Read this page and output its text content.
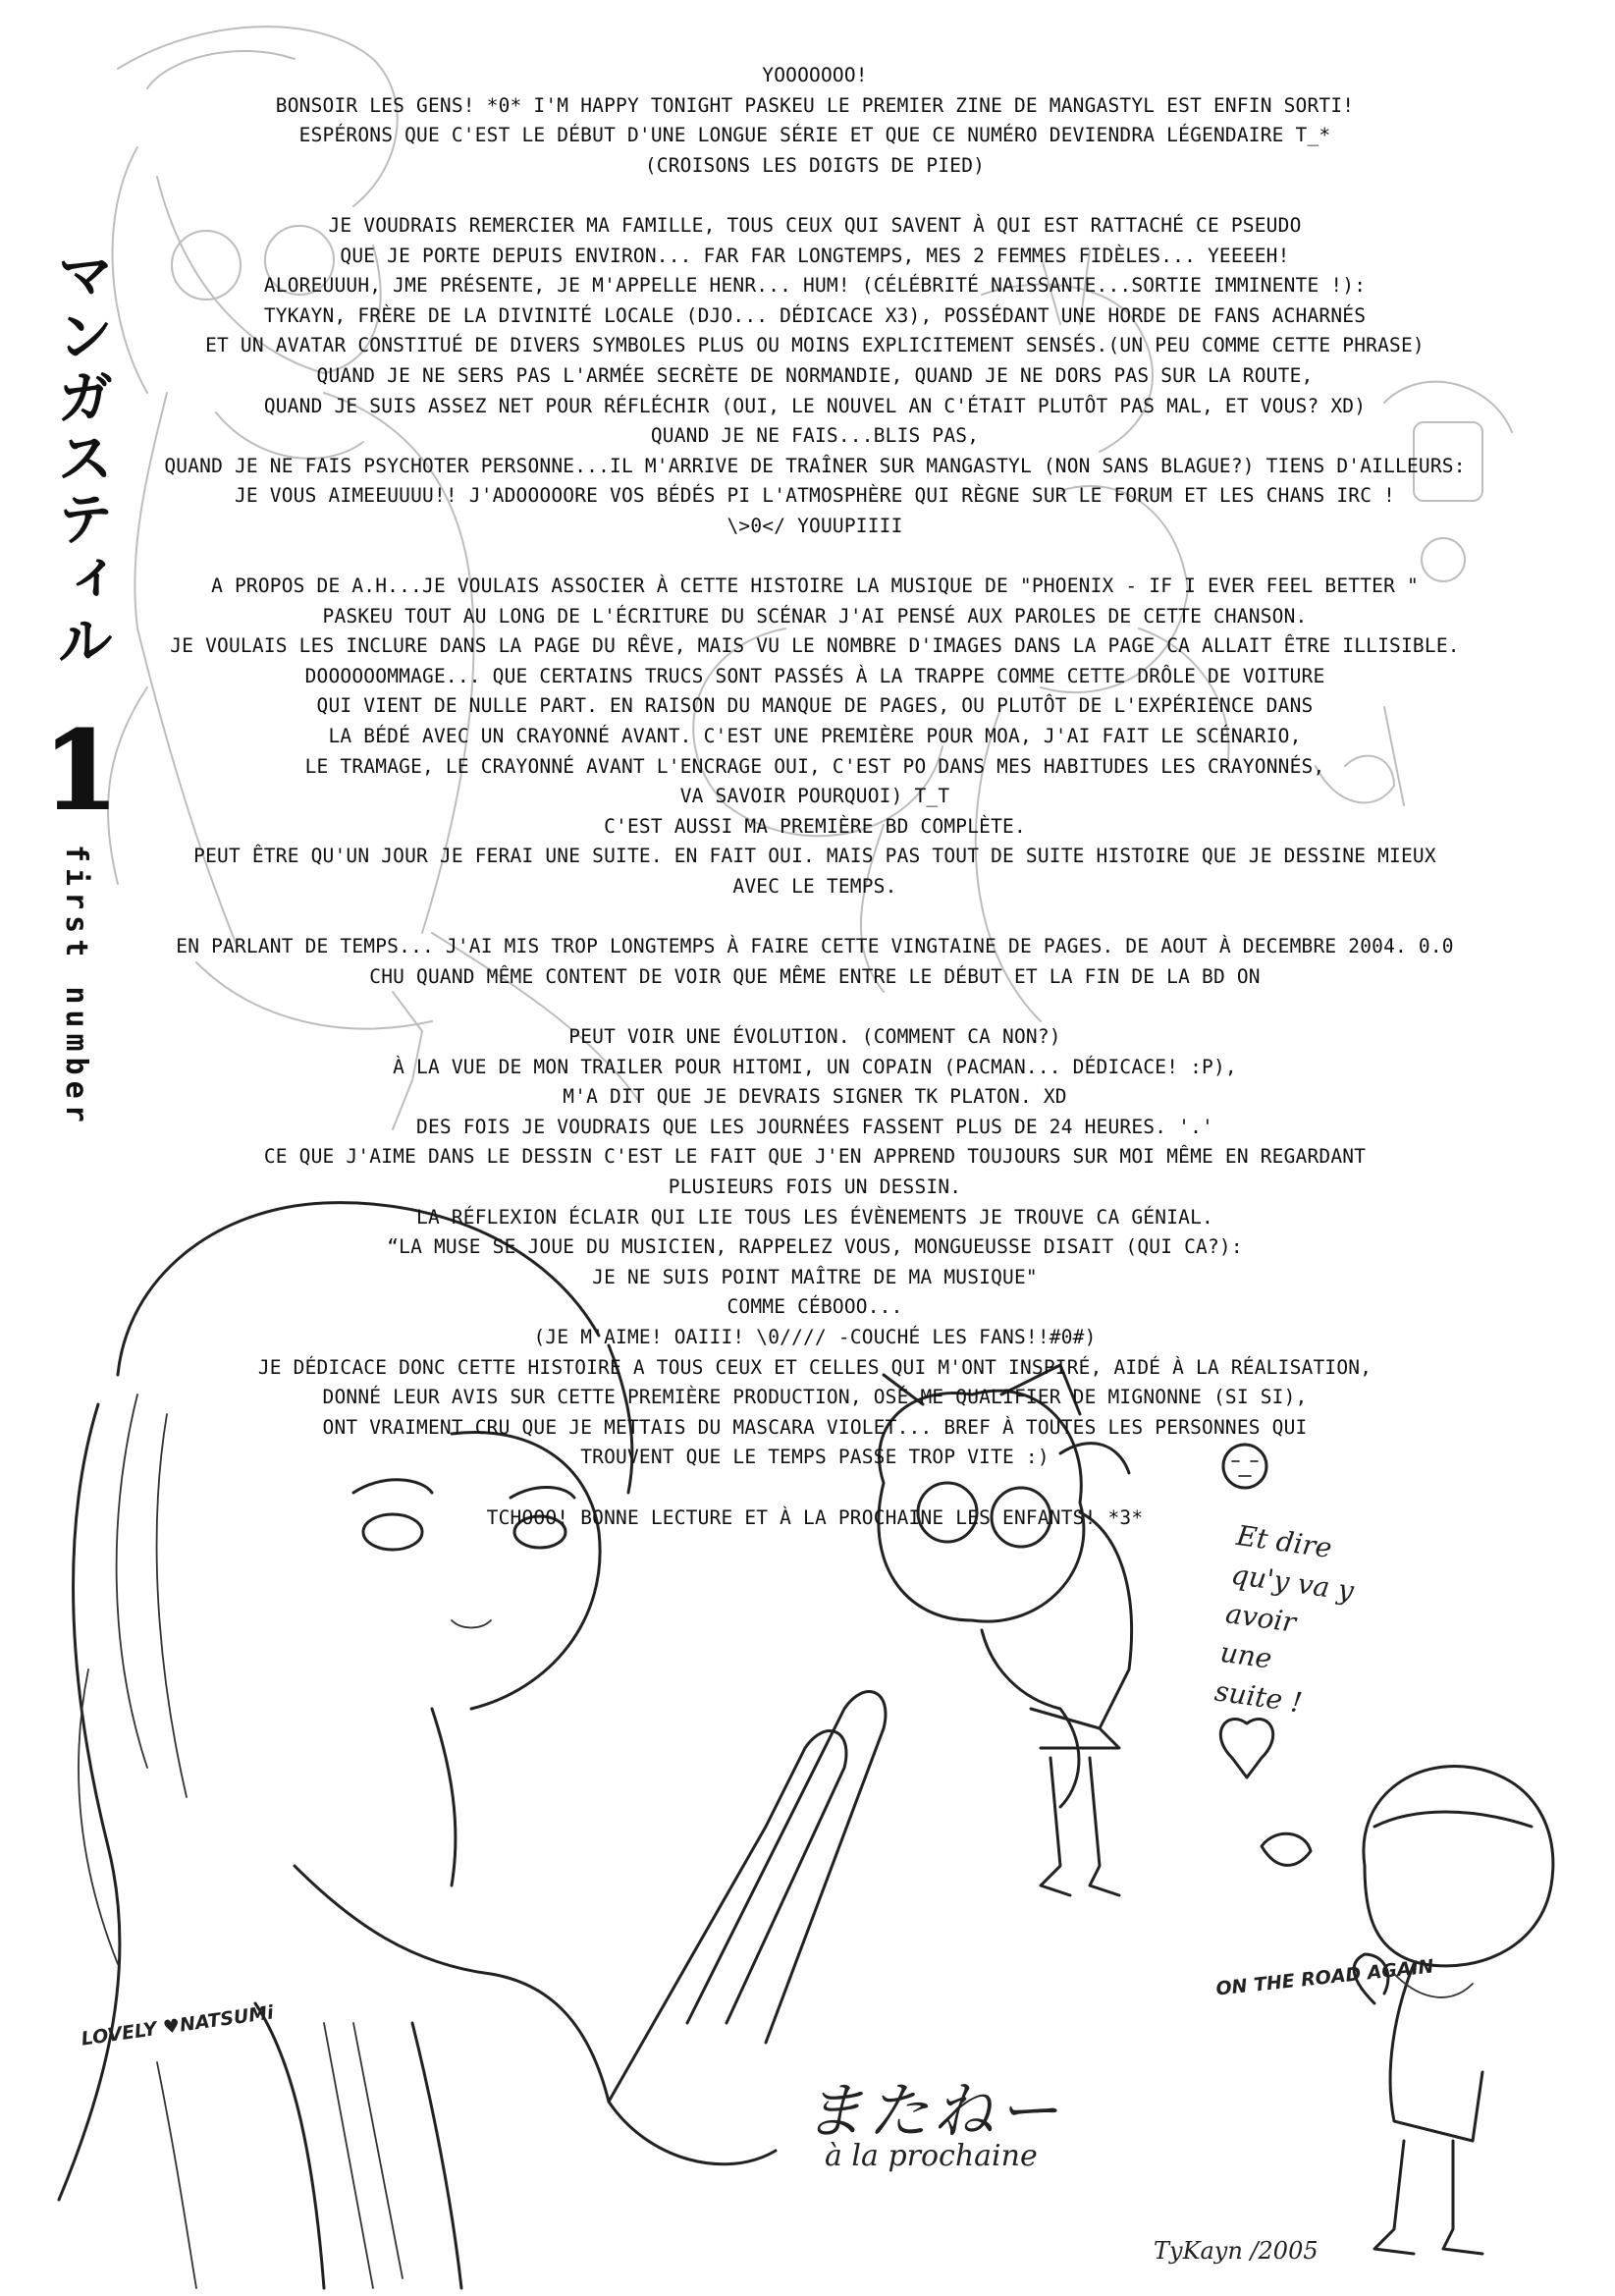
マンガスティル
1
first number

YOOOOOOO!

BONSOIR LES GENS! *0* I'M HAPPY TONIGHT PASKEU LE PREMIER ZINE DE MANGASTYL EST ENFIN SORTI!

ESPÉRONS QUE C'EST LE DÉBUT D'UNE LONGUE SÉRIE ET QUE CE NUMÉRO DEVIENDRA LÉGENDAIRE T_*

(CROISONS LES DOIGTS DE PIED)

JE VOUDRAIS REMERCIER MA FAMILLE, TOUS CEUX QUI SAVENT À QUI EST RATTACHÉ CE PSEUDO

QUE JE PORTE DEPUIS ENVIRON... FAR FAR LONGTEMPS, MES 2 FEMMES FIDÈLES... YEEEEH!

ALOREUUUH, JME PRÉSENTE, JE M'APPELLE HENR... HUM! (CÉLÉBRITÉ NAISSANTE...SORTIE IMMINENTE !):

TYKAYN, FRÈRE DE LA DIVINITÉ LOCALE (DJO... DÉDICACE X3), POSSÉDANT UNE HORDE DE FANS ACHARNÉS

ET UN AVATAR CONSTITUÉ DE DIVERS SYMBOLES PLUS OU MOINS EXPLICITEMENT SENSÉS.(UN PEU COMME CETTE PHRASE)

QUAND JE NE SERS PAS L'ARMÉE SECRÈTE DE NORMANDIE, QUAND JE NE DORS PAS SUR LA ROUTE,

QUAND JE SUIS ASSEZ NET POUR RÉFLÉCHIR (OUI, LE NOUVEL AN C'ÉTAIT PLUTÔT PAS MAL, ET VOUS? XD)

QUAND JE NE FAIS...BLIS PAS,

QUAND JE NE FAIS PSYCHOTER PERSONNE...IL M'ARRIVE DE TRAÎNER SUR MANGASTYL (NON SANS BLAGUE?) TIENS D'AILLEURS:

JE VOUS AIMEEUUUU!! J'ADOOOOORE VOS BÉDÉS PI L'ATMOSPHÈRE QUI RÈGNE SUR LE FORUM ET LES CHANS IRC !

\>0</ YOUUPIIII

A PROPOS DE A.H...JE VOULAIS ASSOCIER À CETTE HISTOIRE LA MUSIQUE DE "PHOENIX - IF I EVER FEEL BETTER "

PASKEU TOUT AU LONG DE L'ÉCRITURE DU SCÉNAR J'AI PENSÉ AUX PAROLES DE CETTE CHANSON.

JE VOULAIS LES INCLURE DANS LA PAGE DU RÊVE, MAIS VU LE NOMBRE D'IMAGES DANS LA PAGE CA ALLAIT ÊTRE ILLISIBLE.

DOOOOOOMMAGE... QUE CERTAINS TRUCS SONT PASSÉS À LA TRAPPE COMME CETTE DRÔLE DE VOITURE

QUI VIENT DE NULLE PART. EN RAISON DU MANQUE DE PAGES, OU PLUTÔT DE L'EXPÉRIENCE DANS

LA BÉDÉ AVEC UN CRAYONNÉ AVANT. C'EST UNE PREMIÈRE POUR MOA, J'AI FAIT LE SCÉNARIO,

LE TRAMAGE, LE CRAYONNÉ AVANT L'ENCRAGE OUI, C'EST PO DANS MES HABITUDES LES CRAYONNÉS,

VA SAVOIR POURQUOI) T_T

C'EST AUSSI MA PREMIÈRE BD COMPLÈTE.

PEUT ÊTRE QU'UN JOUR JE FERAI UNE SUITE. EN FAIT OUI. MAIS PAS TOUT DE SUITE HISTOIRE QUE JE DESSINE MIEUX

AVEC LE TEMPS.

EN PARLANT DE TEMPS... J'AI MIS TROP LONGTEMPS À FAIRE CETTE VINGTAINE DE PAGES. DE AOUT À DECEMBRE 2004. 0.0

CHU QUAND MÊME CONTENT DE VOIR QUE MÊME ENTRE LE DÉBUT ET LA FIN DE LA BD ON

PEUT VOIR UNE ÉVOLUTION. (COMMENT CA NON?)

À LA VUE DE MON TRAILER POUR HITOMI, UN COPAIN (PACMAN... DÉDICACE! :P),

M'A DIT QUE JE DEVRAIS SIGNER TK PLATON. XD

DES FOIS JE VOUDRAIS QUE LES JOURNÉES FASSENT PLUS DE 24 HEURES. '.'

CE QUE J'AIME DANS LE DESSIN C'EST LE FAIT QUE J'EN APPREND TOUJOURS SUR MOI MÊME EN REGARDANT

PLUSIEURS FOIS UN DESSIN.

LA RÉFLEXION ÉCLAIR QUI LIE TOUS LES ÉVÈNEMENTS JE TROUVE CA GÉNIAL.

“LA MUSE SE JOUE DU MUSICIEN, RAPPELEZ VOUS, MONGUEUSSE DISAIT (QUI CA?):

JE NE SUIS POINT MAÎTRE DE MA MUSIQUE"

COMME CÉBOOO...

(JE M'AIME! OAIII! \0//// -COUCHÉ LES FANS!!#0#)

JE DÉDICACE DONC CETTE HISTOIRE A TOUS CEUX ET CELLES QUI M'ONT INSPIRÉ, AIDÉ À LA RÉALISATION,

DONNÉ LEUR AVIS SUR CETTE PREMIÈRE PRODUCTION, OSÉ ME QUALIFIER DE MIGNONNE (SI SI),

ONT VRAIMENT CRU QUE JE METTAIS DU MASCARA VIOLET... BREF À TOUTES LES PERSONNES QUI

TROUVENT QUE LE TEMPS PASSE TROP VITE :)

TCHOOO! BONNE LECTURE ET À LA PROCHAINE LES ENFANTS! *3*

Et dire qu'y va y avoir une suite !
ON THE ROAD AGAIN
LOVELY ♥NATSUMi
またねー
à la prochaine
TyKayn /2005
